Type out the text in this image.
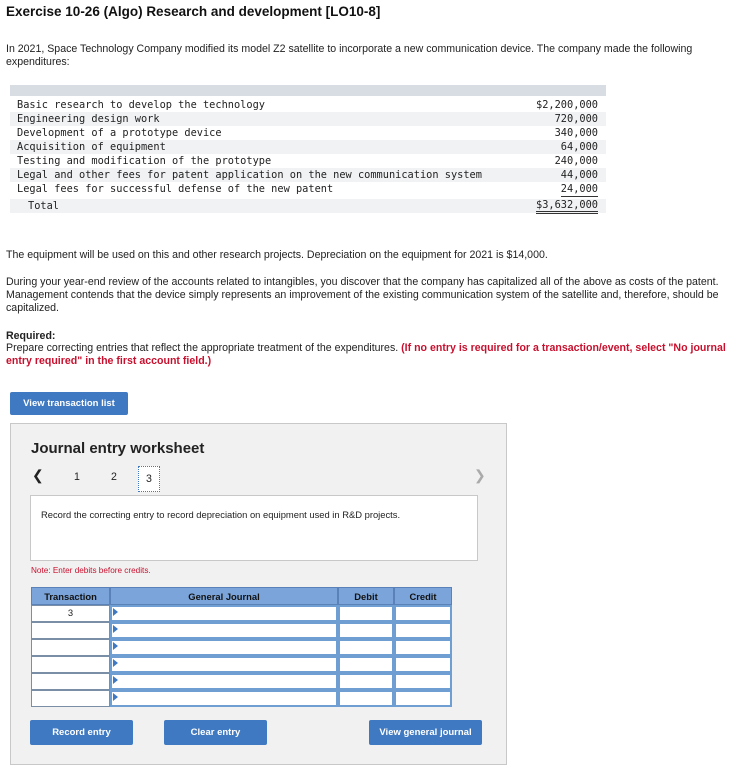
Exercise 10-26 (Algo) Research and development [LO10-8]
In 2021, Space Technology Company modified its model Z2 satellite to incorporate a new communication device. The company made the following expenditures:
Basic research to develop the technology	$2,200,000
Engineering design work	720,000
Development of a prototype device	340,000
Acquisition of equipment	64,000
Testing and modification of the prototype	240,000
Legal and other fees for patent application on the new communication system	44,000
Legal fees for successful defense of the new patent	24,000
Total	$3,632,000
The equipment will be used on this and other research projects. Depreciation on the equipment for 2021 is $14,000.
During your year-end review of the accounts related to intangibles, you discover that the company has capitalized all of the above as costs of the patent. Management contends that the device simply represents an improvement of the existing communication system of the satellite and, therefore, should be capitalized.
Required:
Prepare correcting entries that reflect the appropriate treatment of the expenditures. (If no entry is required for a transaction/event, select "No journal entry required" in the first account field.)
View transaction list
Journal entry worksheet
❮	1	2	3	❯
Record the correcting entry to record depreciation on equipment used in R&D projects.
Note: Enter debits before credits.
Transaction	General Journal	Debit	Credit
3
Record entry	Clear entry	View general journal
